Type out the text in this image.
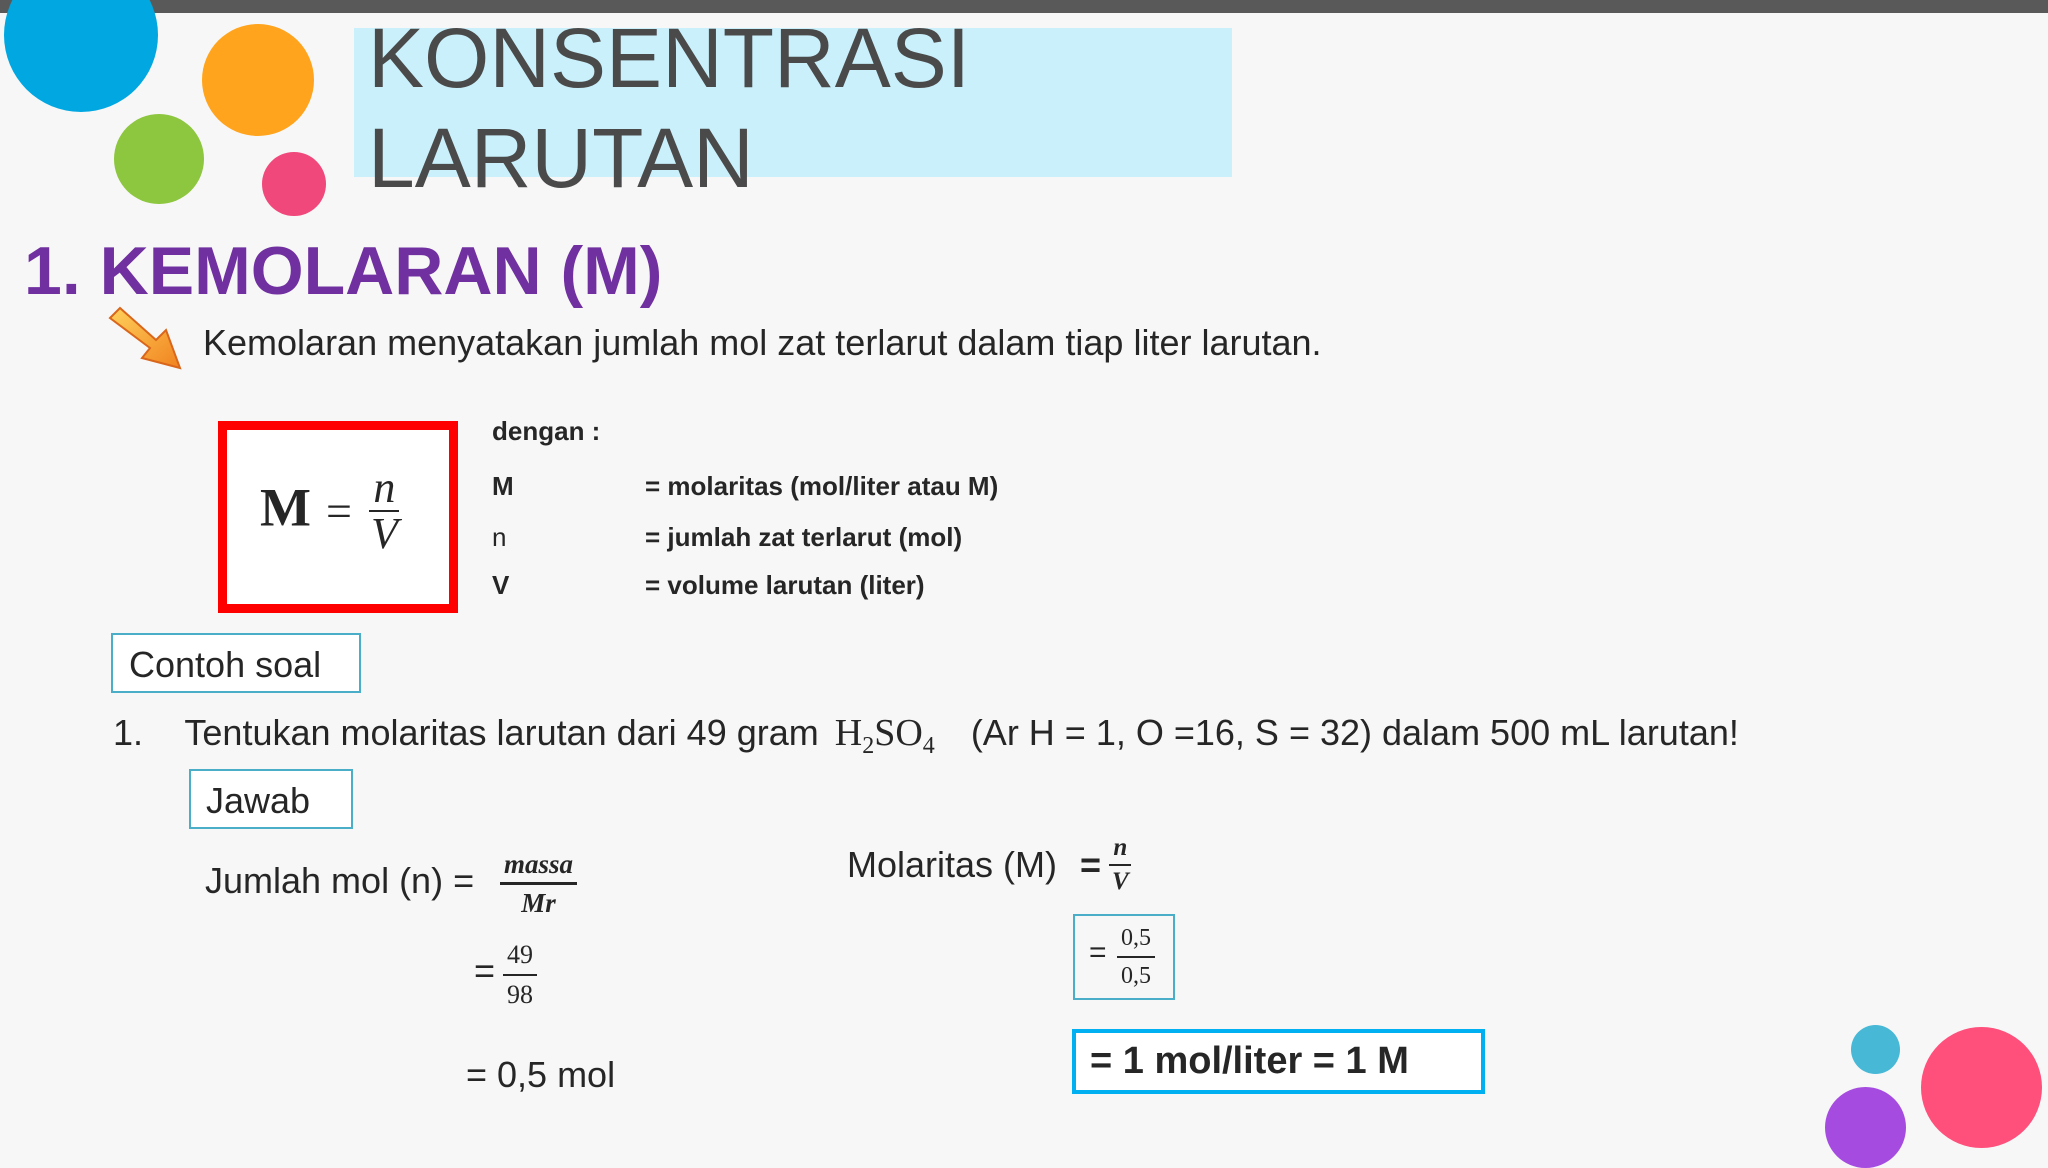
KONSENTRASI
LARUTAN
1. KEMOLARAN (M)
Kemolaran menyatakan jumlah mol zat terlarut dalam tiap liter larutan.
$M = \frac{n}{V}$
dengan :
M	= molaritas (mol/liter atau M)
n	= jumlah zat terlarut (mol)
V	= volume larutan (liter)
Contoh soal
1. Tentukan molaritas larutan dari 49 gram $H_2SO_4$ (Ar H = 1, O =16, S = 32) dalam 500 mL larutan!
Jawab
Jumlah mol (n) = massa
Mr
= $\frac{49}{98}$
= 0,5 mol
Molaritas $(M) = \frac{n}{V}$
= $\frac{0,5}{0,5}$
= 1 mol/liter = 1 M
